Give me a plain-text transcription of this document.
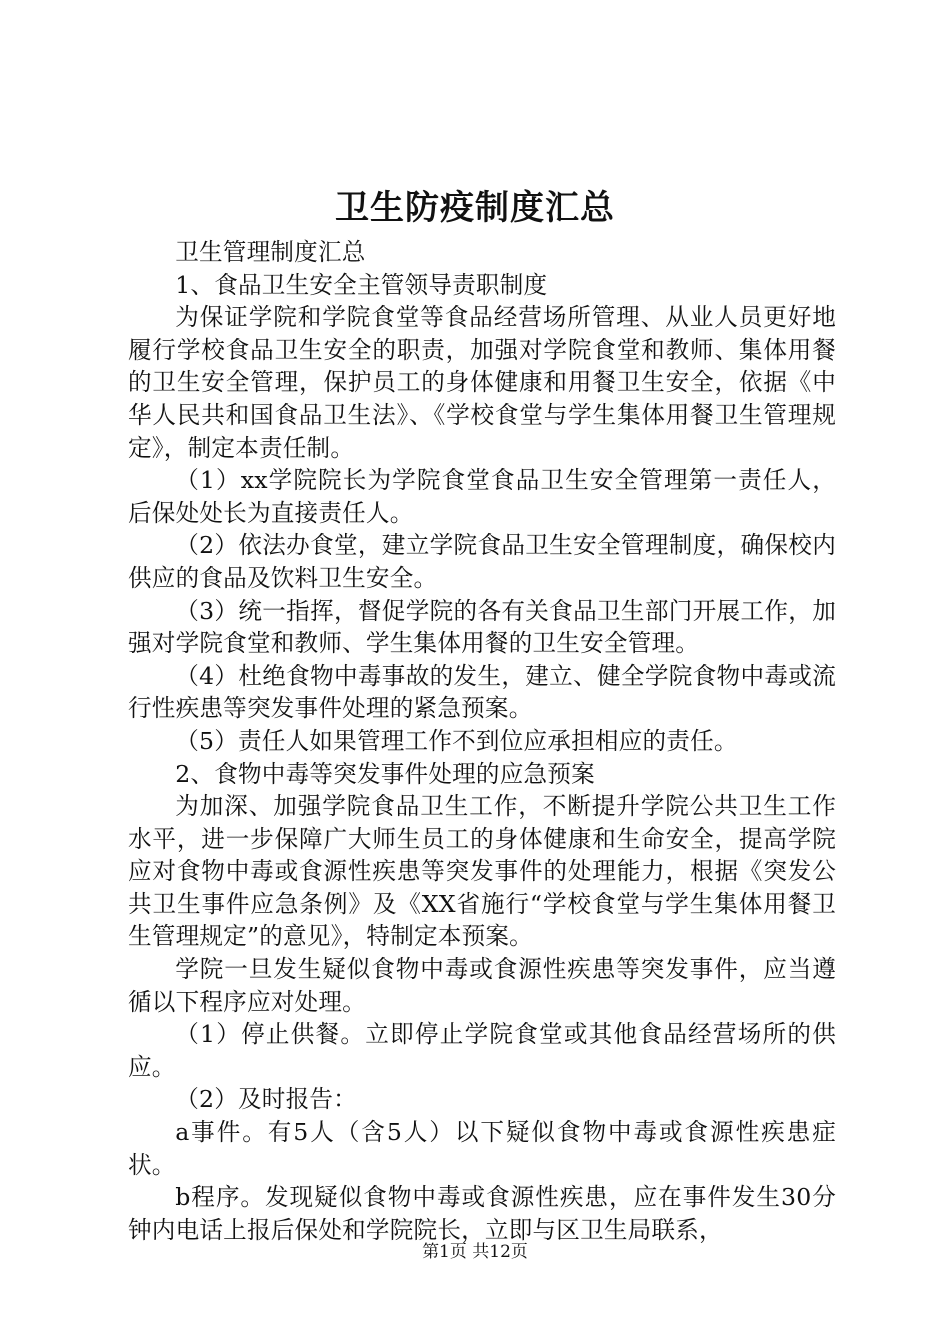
卫生防疫制度汇总

卫生管理制度汇总

1、食品卫生安全主管领导责职制度

为保证学院和学院食堂等食品经营场所管理、从业人员更好地履行学校食品卫生安全的职责，加强对学院食堂和教师、集体用餐的卫生安全管理，保护员工的身体健康和用餐卫生安全，依据《中华人民共和国食品卫生法》、《学校食堂与学生集体用餐卫生管理规定》，制定本责任制。

（1）xx学院院长为学院食堂食品卫生安全管理第一责任人，后保处处长为直接责任人。

（2）依法办食堂，建立学院食品卫生安全管理制度，确保校内供应的食品及饮料卫生安全。

（3）统一指挥，督促学院的各有关食品卫生部门开展工作，加强对学院食堂和教师、学生集体用餐的卫生安全管理。

（4）杜绝食物中毒事故的发生，建立、健全学院食物中毒或流行性疾患等突发事件处理的紧急预案。

（5）责任人如果管理工作不到位应承担相应的责任。

2、食物中毒等突发事件处理的应急预案

为加深、加强学院食品卫生工作，不断提升学院公共卫生工作水平，进一步保障广大师生员工的身体健康和生命安全，提高学院应对食物中毒或食源性疾患等突发事件的处理能力，根据《突发公共卫生事件应急条例》及《XX省施行“学校食堂与学生集体用餐卫生管理规定”的意见》，特制定本预案。

学院一旦发生疑似食物中毒或食源性疾患等突发事件，应当遵循以下程序应对处理。

（1）停止供餐。立即停止学院食堂或其他食品经营场所的供应。

（2）及时报告：

a事件。有5人（含5人）以下疑似食物中毒或食源性疾患症状。

b程序。发现疑似食物中毒或食源性疾患，应在事件发生30分钟内电话上报后保处和学院院长，立即与区卫生局联系，

第1页 共12页
